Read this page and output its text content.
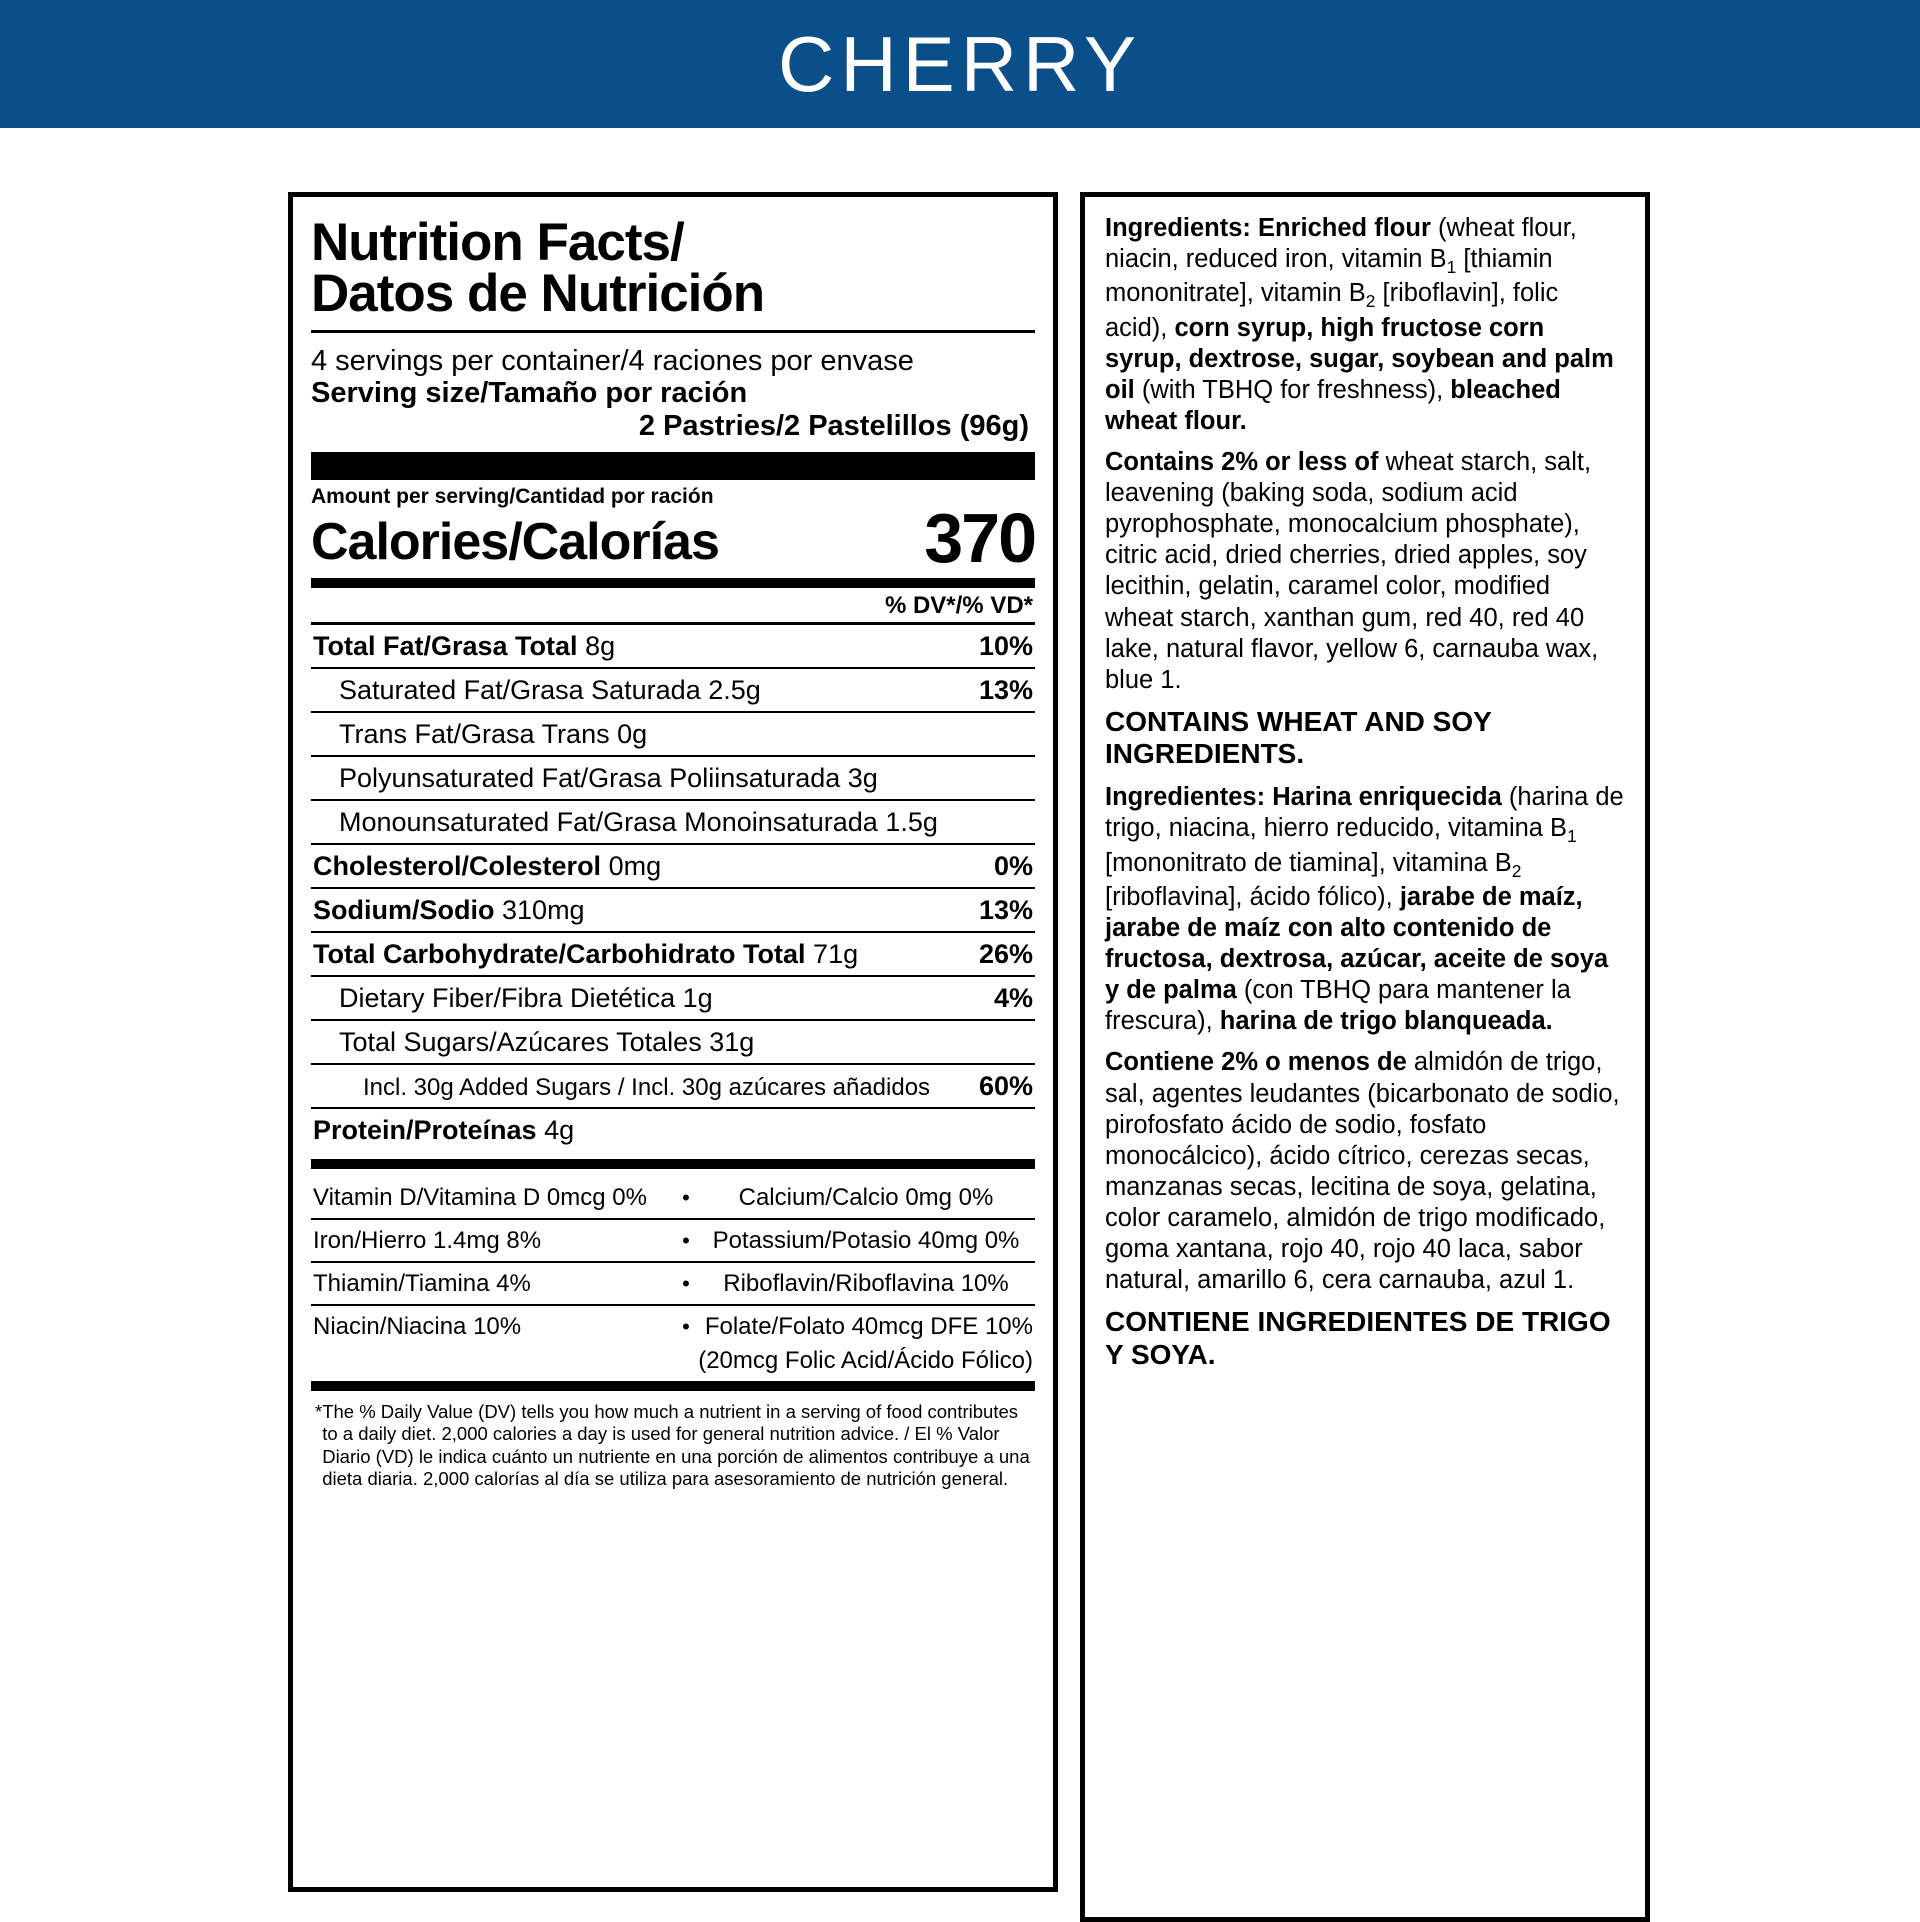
CHERRY
Nutrition Facts/
Datos de Nutrición
4 servings per container/4 raciones por envase
Serving size/Tamaño por ración
2 Pastries/2 Pastelillos (96g)
Amount per serving/Cantidad por ración
Calories/Calorías	370
% DV*/% VD*
Total Fat/Grasa Total 8g	10%
Saturated Fat/Grasa Saturada 2.5g	13%
Trans Fat/Grasa Trans 0g
Polyunsaturated Fat/Grasa Poliinsaturada 3g
Monounsaturated Fat/Grasa Monoinsaturada 1.5g
Cholesterol/Colesterol 0mg	0%
Sodium/Sodio 310mg	13%
Total Carbohydrate/Carbohidrato Total 71g	26%
Dietary Fiber/Fibra Dietética 1g	4%
Total Sugars/Azúcares Totales 31g
Incl. 30g Added Sugars / Incl. 30g azúcares añadidos	60%
Protein/Proteínas 4g
Vitamin D/Vitamina D 0mcg 0%	•	Calcium/Calcio 0mg 0%
Iron/Hierro 1.4mg 8%	• Potassium/Potasio 40mg 0%
Thiamin/Tiamina 4%	•	Riboflavin/Riboflavina 10%
Niacin/Niacina 10%	• Folate/Folato 40mcg DFE 10%
(20mcg Folic Acid/Ácido Fólico)
* The % Daily Value (DV) tells you how much a nutrient in a serving of food contributes to a daily diet. 2,000 calories a day is used for general nutrition advice. / El % Valor Diario (VD) le indica cuánto un nutriente en una porción de alimentos contribuye a una dieta diaria. 2,000 calorías al día se utiliza para asesoramiento de nutrición general.

Ingredients: Enriched flour (wheat flour, niacin, reduced iron, vitamin $B_1$ [thiamin mononitrate], vitamin $B_2$ [riboflavin], folic acid), corn syrup, high fructose corn syrup, dextrose, sugar, soybean and palm oil (with TBHQ for freshness), bleached wheat flour.

Contains 2% or less of wheat starch, salt, leavening (baking soda, sodium acid pyrophosphate, monocalcium phosphate), citric acid, dried cherries, dried apples, soy lecithin, gelatin, caramel color, modified wheat starch, xanthan gum, red 40, red 40 lake, natural flavor, yellow 6, carnauba wax, blue 1.

CONTAINS WHEAT AND SOY INGREDIENTS.

Ingredientes: Harina enriquecida (harina de trigo, niacina, hierro reducido, vitamina $B_1$ [mononitrato de tiamina], vitamina $B_2$ [riboflavina], ácido fólico), jarabe de maíz, jarabe de maíz con alto contenido de fructosa, dextrosa, azúcar, aceite de soya y de palma (con TBHQ para mantener la frescura), harina de trigo blanqueada.

Contiene 2% o menos de almidón de trigo, sal, agentes leudantes (bicarbonato de sodio, pirofosfato ácido de sodio, fosfato monocálcico), ácido cítrico, cerezas secas, manzanas secas, lecitina de soya, gelatina, color caramelo, almidón de trigo modificado, goma xantana, rojo 40, rojo 40 laca, sabor natural, amarillo 6, cera carnauba, azul 1.

CONTIENE INGREDIENTES DE TRIGO Y SOYA.
